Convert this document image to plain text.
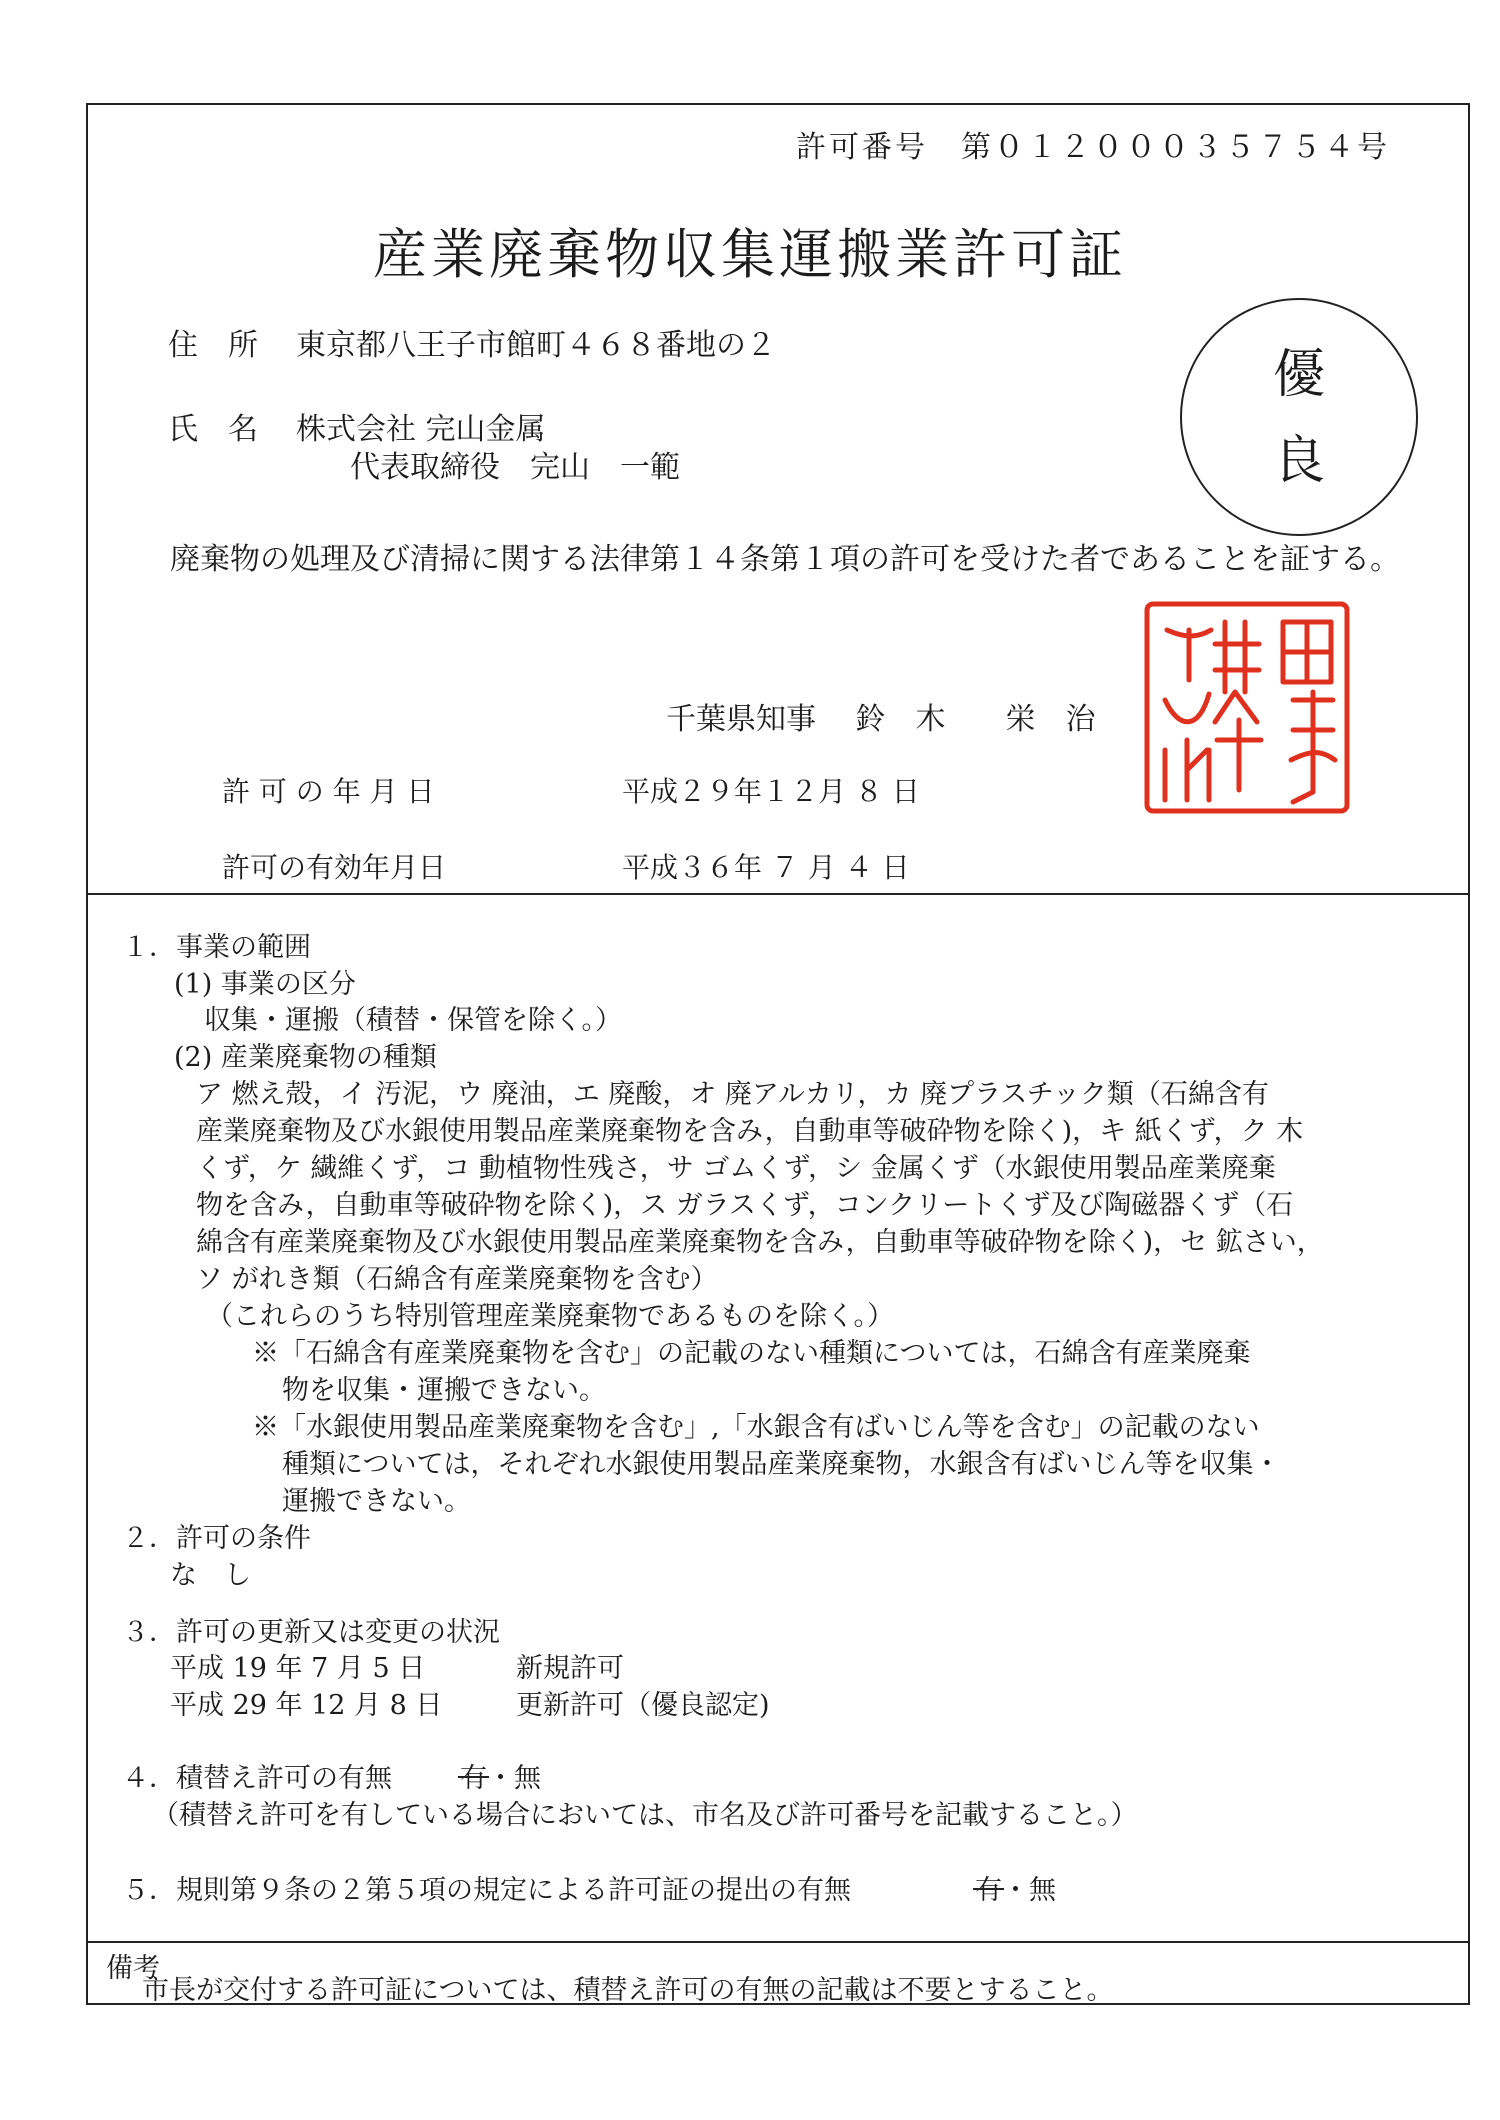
許可番号　第０１２０００３５７５４号
産業廃棄物収集運搬業許可証
住　所 東京都八王子市館町４６８番地の２
氏　名 株式会社 完山金属
代表取締役　完山　一範
優
良
廃棄物の処理及び清掃に関する法律第１４条第１項の許可を受けた者であることを証する。
千葉県知事　 鈴　木　　栄　治
許 可 の 年 月 日	平成２９年１２月 ８ 日
許可の有効年月日	平成３６年 ７ 月 ４ 日
１．事業の範囲
(1) 事業の区分
収集・運搬（積替・保管を除く。）
(2) 産業廃棄物の種類
ア 燃え殻，イ 汚泥，ウ 廃油，エ 廃酸，オ 廃アルカリ，カ 廃プラスチック類（石綿含有
産業廃棄物及び水銀使用製品産業廃棄物を含み，自動車等破砕物を除く)，キ 紙くず，ク 木
くず，ケ 繊維くず，コ 動植物性残さ，サ ゴムくず，シ 金属くず（水銀使用製品産業廃棄
物を含み，自動車等破砕物を除く)，ス ガラスくず，コンクリートくず及び陶磁器くず（石
綿含有産業廃棄物及び水銀使用製品産業廃棄物を含み，自動車等破砕物を除く)，セ 鉱さい，
ソ がれき類（石綿含有産業廃棄物を含む）
（これらのうち特別管理産業廃棄物であるものを除く。）
※「石綿含有産業廃棄物を含む」の記載のない種類については，石綿含有産業廃棄
物を収集・運搬できない。
※「水銀使用製品産業廃棄物を含む」,「水銀含有ばいじん等を含む」の記載のない
種類については，それぞれ水銀使用製品産業廃棄物，水銀含有ばいじん等を収集・
運搬できない。
２．許可の条件
な　し
３．許可の更新又は変更の状況
平成 19 年 7 月 5 日	新規許可
平成 29 年 12 月 8 日	更新許可（優良認定)
４．積替え許可の有無	有・無
（積替え許可を有している場合においては、市名及び許可番号を記載すること。）
５．規則第９条の２第５項の規定による許可証の提出の有無	有・無
備考
市長が交付する許可証については、積替え許可の有無の記載は不要とすること。
